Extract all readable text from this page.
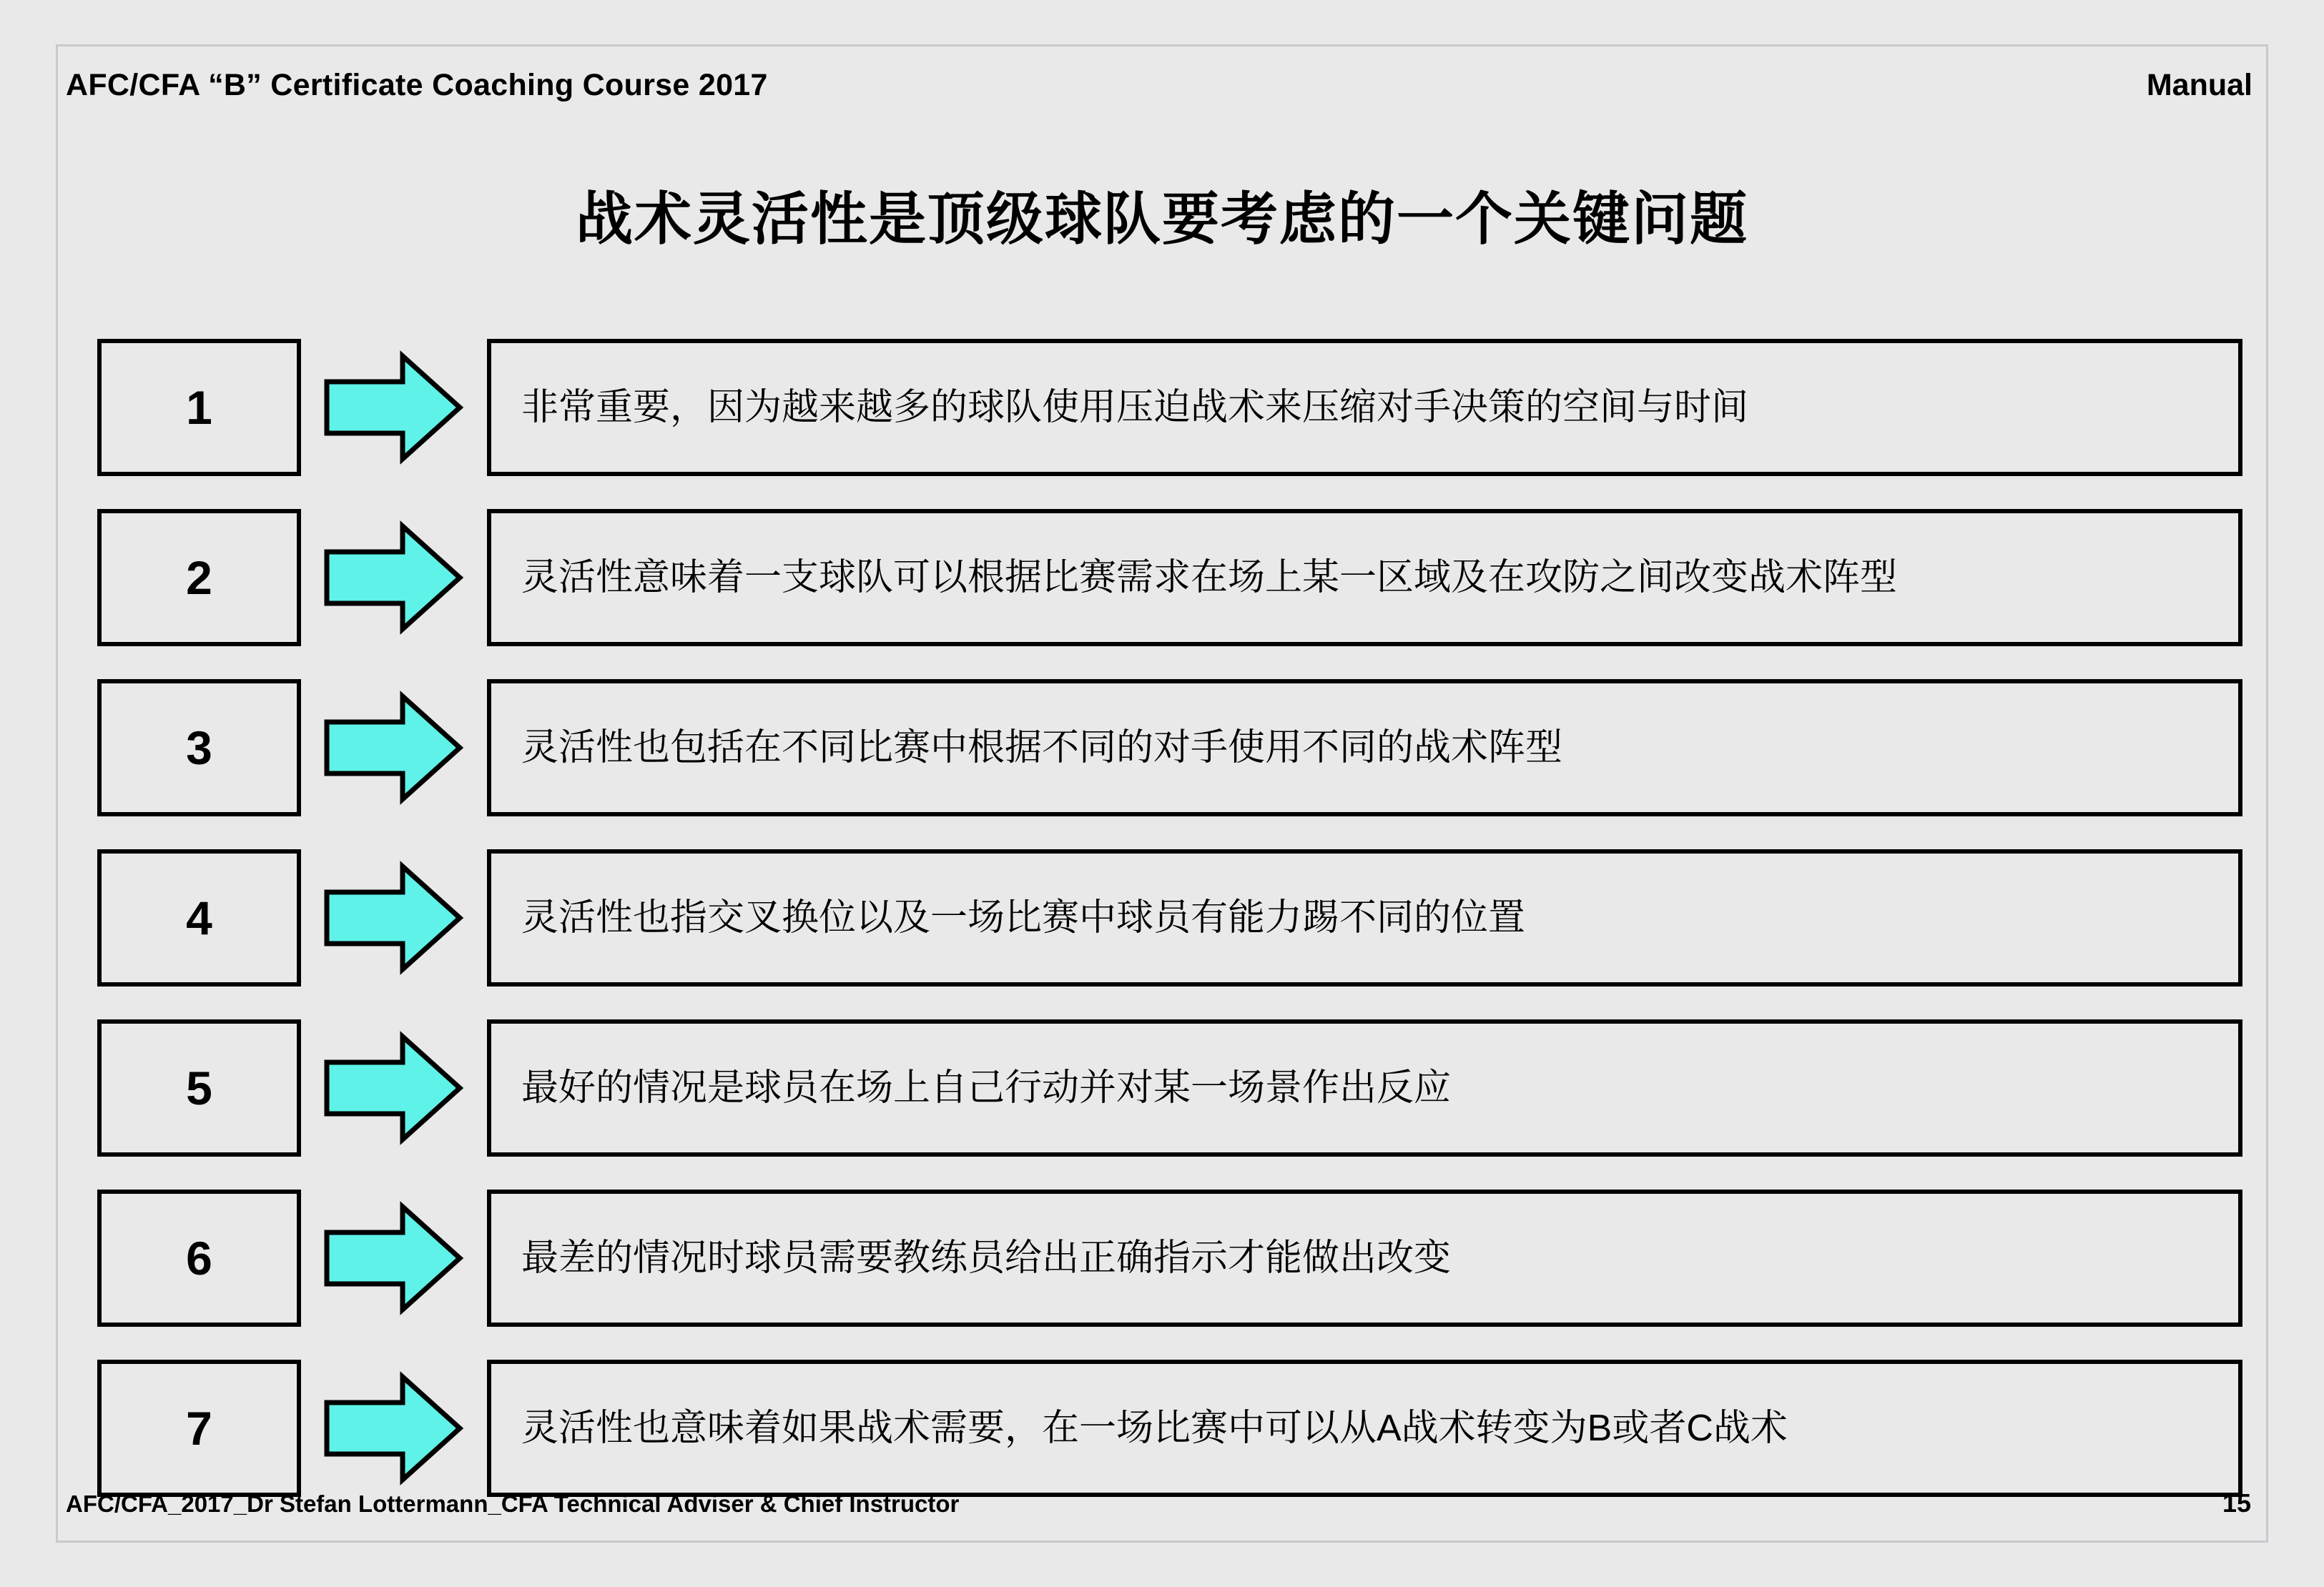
AFC/CFA “B” Certificate Coaching Course 2017	Manual
战术灵活性是顶级球队要考虑的一个关键问题
1	非常重要，因为越来越多的球队使用压迫战术来压缩对手决策的空间与时间
2	灵活性意味着一支球队可以根据比赛需求在场上某一区域及在攻防之间改变战术阵型
3	灵活性也包括在不同比赛中根据不同的对手使用不同的战术阵型
4	灵活性也指交叉换位以及一场比赛中球员有能力踢不同的位置
5	最好的情况是球员在场上自己行动并对某一场景作出反应
6	最差的情况时球员需要教练员给出正确指示才能做出改变
7	灵活性也意味着如果战术需要，在一场比赛中可以从A战术转变为B或者C战术
AFC/CFA_2017_Dr Stefan Lottermann_CFA Technical Adviser & Chief Instructor	15
